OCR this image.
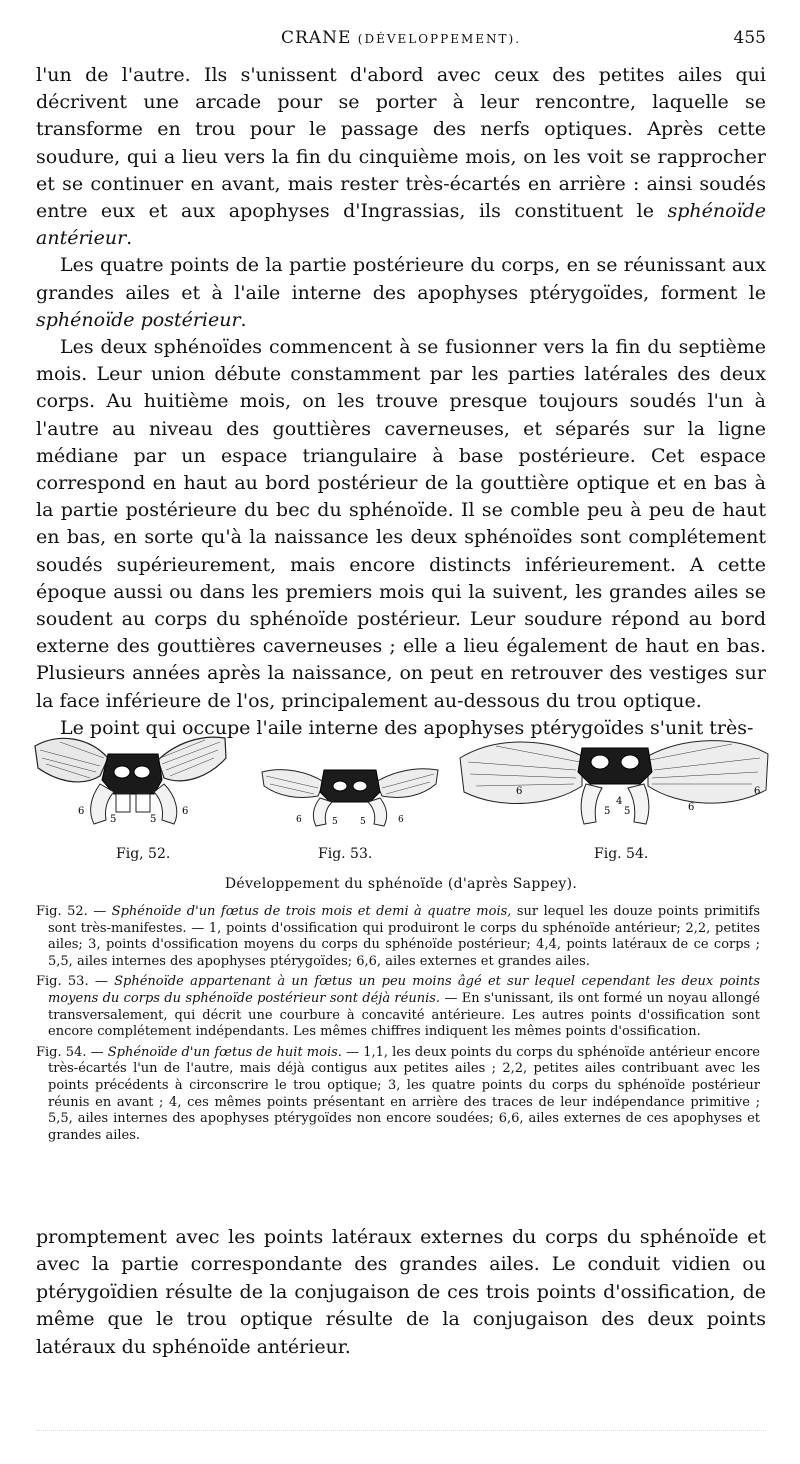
CRANE (DÉVELOPPEMENT).	455

l'un de l'autre. Ils s'unissent d'abord avec ceux des petites ailes qui décrivent une arcade pour se porter à leur rencontre, laquelle se transforme en trou pour le passage des nerfs optiques. Après cette soudure, qui a lieu vers la fin du cinquième mois, on les voit se rapprocher et se continuer en avant, mais rester très-écartés en arrière : ainsi soudés entre eux et aux apophyses d'Ingrassias, ils constituent le sphénoïde antérieur.

Les quatre points de la partie postérieure du corps, en se réunissant aux grandes ailes et à l'aile interne des apophyses ptérygoïdes, forment le sphénoïde postérieur.

Les deux sphénoïdes commencent à se fusionner vers la fin du septième mois. Leur union débute constamment par les parties latérales des deux corps. Au huitième mois, on les trouve presque toujours soudés l'un à l'autre au niveau des gouttières caverneuses, et séparés sur la ligne médiane par un espace triangulaire à base postérieure. Cet espace correspond en haut au bord postérieur de la gouttière optique et en bas à la partie postérieure du bec du sphénoïde. Il se comble peu à peu de haut en bas, en sorte qu'à la naissance les deux sphénoïdes sont complétement soudés supérieurement, mais encore distincts inférieurement. A cette époque aussi ou dans les premiers mois qui la suivent, les grandes ailes se soudent au corps du sphénoïde postérieur. Leur soudure répond au bord externe des gouttières caverneuses ; elle a lieu également de haut en bas. Plusieurs années après la naissance, on peut en retrouver des vestiges sur la face inférieure de l'os, principalement au-dessous du trou optique.

Le point qui occupe l'aile interne des apophyses ptérygoïdes s'unit très-

6
5	5
6
Fig, 52.
6	5 5	6
Fig. 53.
6
4
5 5	6
6
Fig. 54.
Développement du sphénoïde (d'après Sappey).

Fig. 52. — Sphénoïde d'un fœtus de trois mois et demi à quatre mois, sur lequel les douze points primitifs sont très-manifestes. — 1, points d'ossification qui produiront le corps du sphénoïde antérieur; 2,2, petites ailes; 3, points d'ossification moyens du corps du sphénoïde postérieur; 4,4, points latéraux de ce corps ; 5,5, ailes internes des apophyses ptérygoïdes; 6,6, ailes externes et grandes ailes.

Fig. 53. — Sphénoïde appartenant à un fœtus un peu moins âgé et sur lequel cependant les deux points moyens du corps du sphénoïde postérieur sont déjà réunis. — En s'unissant, ils ont formé un noyau allongé transversalement, qui décrit une courbure à concavité antérieure. Les autres points d'ossification sont encore complétement indépendants. Les mêmes chiffres indiquent les mêmes points d'ossification.

Fig. 54. — Sphénoïde d'un fœtus de huit mois. — 1,1, les deux points du corps du sphénoïde antérieur encore très-écartés l'un de l'autre, mais déjà contigus aux petites ailes ; 2,2, petites ailes contribuant avec les points précédents à circonscrire le trou optique; 3, les quatre points du corps du sphénoïde postérieur réunis en avant ; 4, ces mêmes points présentant en arrière des traces de leur indépendance primitive ; 5,5, ailes internes des apophyses ptérygoïdes non encore soudées; 6,6, ailes externes de ces apophyses et grandes ailes.

promptement avec les points latéraux externes du corps du sphénoïde et avec la partie correspondante des grandes ailes. Le conduit vidien ou ptérygoïdien résulte de la conjugaison de ces trois points d'ossification, de même que le trou optique résulte de la conjugaison des deux points latéraux du sphénoïde antérieur.
